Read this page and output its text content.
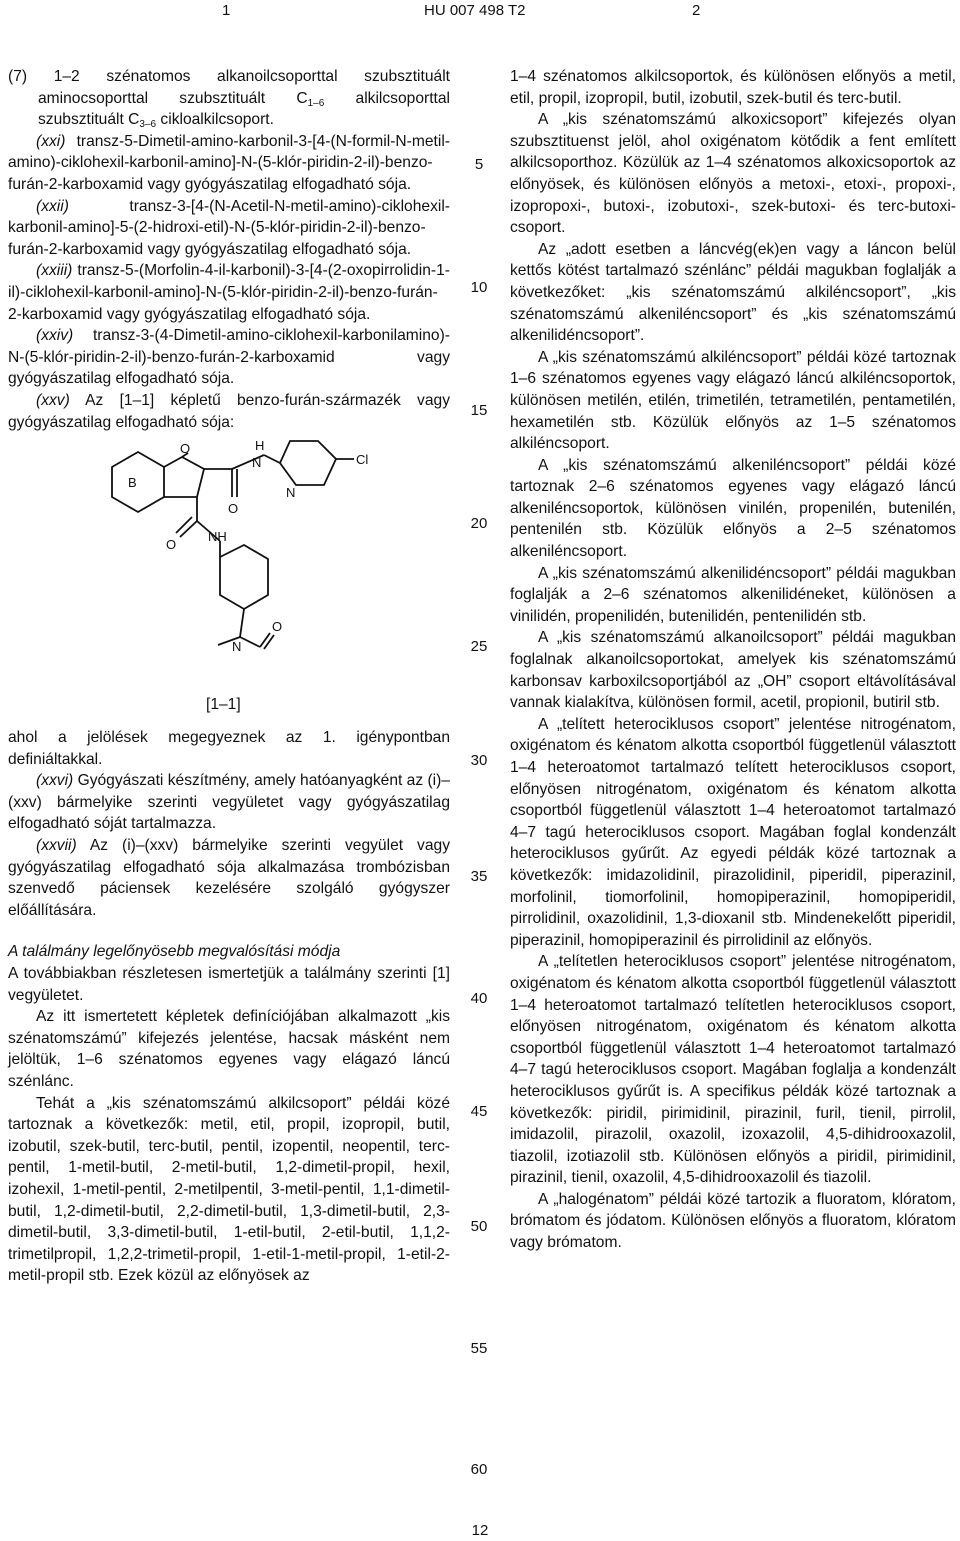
1	HU 007 498 T2	2

(7) 1–2 szénatomos alkanoilcsoporttal szubsztituált aminocsoporttal szubsztituált $C_{1-6}$ alkilcsoporttal szubsztituált $C_{3-6}$ cikloalkilcsoport.

(xxi) transz-5-Dimetil-amino-karbonil-3-[4-(N-formil-N-metil-amino)-ciklohexil-karbonil-amino]-N-(5-klór-piridin-2-il)-benzo-furán-2-karboxamid vagy gyógyászatilag elfogadható sója.

(xxii) transz-3-[4-(N-Acetil-N-metil-amino)-ciklohexil-karbonil-amino]-5-(2-hidroxi-etil)-N-(5-klór-piridin-2-il)-benzo-furán-2-karboxamid vagy gyógyászatilag elfogadható sója.

(xxiii) transz-5-(Morfolin-4-il-karbonil)-3-[4-(2-oxopirrolidin-1-il)-ciklohexil-karbonil-amino]-N-(5-klór-piridin-2-il)-benzo-furán-2-karboxamid vagy gyógyászatilag elfogadható sója.

(xxiv) transz-3-(4-Dimetil-amino-ciklohexil-karbonilamino)-N-(5-klór-piridin-2-il)-benzo-furán-2-karboxamid vagy gyógyászatilag elfogadható sója.

(xxv) Az [1–1] képletű benzo-furán-származék vagy gyógyászatilag elfogadható sója:

B
O	H
N
O
N
Cl
O
NH
N
O
[1–1]

ahol a jelölések megegyeznek az 1. igénypontban definiáltakkal.

(xxvi) Gyógyászati készítmény, amely hatóanyagként az (i)–(xxv) bármelyike szerinti vegyületet vagy gyógyászatilag elfogadható sóját tartalmazza.

(xxvii) Az (i)–(xxv) bármelyike szerinti vegyület vagy gyógyászatilag elfogadható sója alkalmazása trombózisban szenvedő páciensek kezelésére szolgáló gyógyszer előállítására.

A találmány legelőnyösebb megvalósítási módja

A továbbiakban részletesen ismertetjük a találmány szerinti [1] vegyületet.

Az itt ismertetett képletek definíciójában alkalmazott „kis szénatomszámú” kifejezés jelentése, hacsak másként nem jelöltük, 1–6 szénatomos egyenes vagy elágazó láncú szénlánc.

Tehát a „kis szénatomszámú alkilcsoport” példái közé tartoznak a következők: metil, etil, propil, izopropil, butil, izobutil, szek-butil, terc-butil, pentil, izopentil, neopentil, terc-pentil, 1-metil-butil, 2-metil-butil, 1,2-dimetil-propil, hexil, izohexil, 1-metil-pentil, 2-metilpentil, 3-metil-pentil, 1,1-dimetil-butil, 1,2-dimetil-butil, 2,2-dimetil-butil, 1,3-dimetil-butil, 2,3-dimetil-butil, 3,3-dimetil-butil, 1-etil-butil, 2-etil-butil, 1,1,2-trimetilpropil, 1,2,2-trimetil-propil, 1-etil-1-metil-propil, 1-etil-2-metil-propil stb. Ezek közül az előnyösek az

5
10
15
20
25
30
35
40
45
50
55
60

1–4 szénatomos alkilcsoportok, és különösen előnyös a metil, etil, propil, izopropil, butil, izobutil, szek-butil és terc-butil.

A „kis szénatomszámú alkoxicsoport” kifejezés olyan szubsztituenst jelöl, ahol oxigénatom kötődik a fent említett alkilcsoporthoz. Közülük az 1–4 szénatomos alkoxicsoportok az előnyösek, és különösen előnyös a metoxi-, etoxi-, propoxi-, izopropoxi-, butoxi-, izobutoxi-, szek-butoxi- és terc-butoxi-csoport.

Az „adott esetben a láncvég(ek)en vagy a láncon belül kettős kötést tartalmazó szénlánc” példái magukban foglalják a következőket: „kis szénatomszámú alkiléncsoport”, „kis szénatomszámú alkeniléncsoport” és „kis szénatomszámú alkenilidéncsoport”.

A „kis szénatomszámú alkiléncsoport” példái közé tartoznak 1–6 szénatomos egyenes vagy elágazó láncú alkiléncsoportok, különösen metilén, etilén, trimetilén, tetrametilén, pentametilén, hexametilén stb. Közülük előnyös az 1–5 szénatomos alkiléncsoport.

A „kis szénatomszámú alkeniléncsoport” példái közé tartoznak 2–6 szénatomos egyenes vagy elágazó láncú alkeniléncsoportok, különösen vinilén, propenilén, butenilén, pentenilén stb. Közülük előnyös a 2–5 szénatomos alkeniléncsoport.

A „kis szénatomszámú alkenilidéncsoport” példái magukban foglalják a 2–6 szénatomos alkenilidéneket, különösen a vinilidén, propenilidén, butenilidén, pentenilidén stb.

A „kis szénatomszámú alkanoilcsoport” példái magukban foglalnak alkanoilcsoportokat, amelyek kis szénatomszámú karbonsav karboxilcsoportjából az „OH” csoport eltávolításával vannak kialakítva, különösen formil, acetil, propionil, butiril stb.

A „telített heterociklusos csoport” jelentése nitrogénatom, oxigénatom és kénatom alkotta csoportból függetlenül választott 1–4 heteroatomot tartalmazó telített heterociklusos csoport, előnyösen nitrogénatom, oxigénatom és kénatom alkotta csoportból függetlenül választott 1–4 heteroatomot tartalmazó 4–7 tagú heterociklusos csoport. Magában foglal kondenzált heterociklusos gyűrűt. Az egyedi példák közé tartoznak a következők: imidazolidinil, pirazolidinil, piperidil, piperazinil, morfolinil, tiomorfolinil, homopiperazinil, homopiperidil, pirrolidinil, oxazolidinil, 1,3-dioxanil stb. Mindenekelőtt piperidil, piperazinil, homopiperazinil és pirrolidinil az előnyös.

A „telítetlen heterociklusos csoport” jelentése nitrogénatom, oxigénatom és kénatom alkotta csoportból függetlenül választott 1–4 heteroatomot tartalmazó telítetlen heterociklusos csoport, előnyösen nitrogénatom, oxigénatom és kénatom alkotta csoportból függetlenül választott 1–4 heteroatomot tartalmazó 4–7 tagú heterociklusos csoport. Magában foglalja a kondenzált heterociklusos gyűrűt is. A specifikus példák közé tartoznak a következők: piridil, pirimidinil, pirazinil, furil, tienil, pirrolil, imidazolil, pirazolil, oxazolil, izoxazolil, 4,5-dihidrooxazolil, tiazolil, izotiazolil stb. Különösen előnyös a piridil, pirimidinil, pirazinil, tienil, oxazolil, 4,5-dihidrooxazolil és tiazolil.

A „halogénatom” példái közé tartozik a fluoratom, klóratom, brómatom és jódatom. Különösen előnyös a fluoratom, klóratom vagy brómatom.

12
